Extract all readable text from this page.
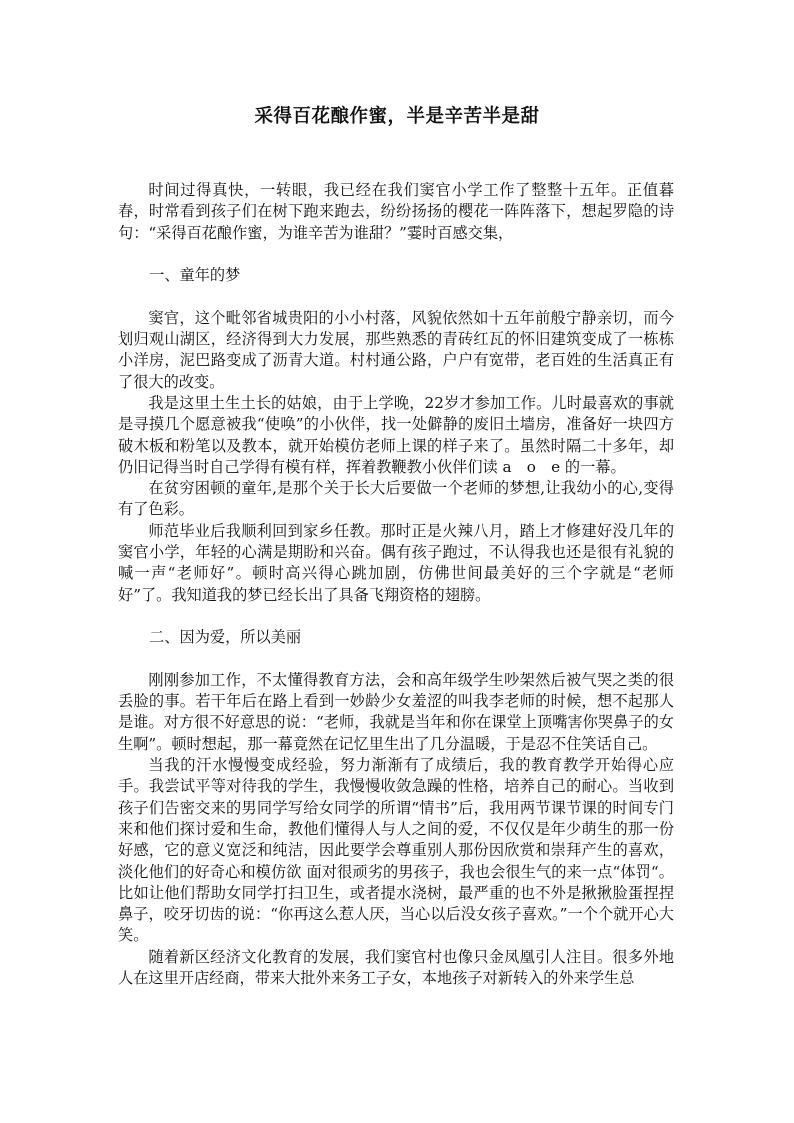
采得百花酿作蜜，半是辛苦半是甜

时间过得真快，一转眼，我已经在我们窦官小学工作了整整十五年。正值暮春，时常看到孩子们在树下跑来跑去，纷纷扬扬的樱花一阵阵落下，想起罗隐的诗句：“采得百花酿作蜜，为谁辛苦为谁甜？”霎时百感交集，

一、童年的梦

窦官，这个毗邻省城贵阳的小小村落，风貌依然如十五年前般宁静亲切，而今划归观山湖区，经济得到大力发展，那些熟悉的青砖红瓦的怀旧建筑变成了一栋栋小洋房，泥巴路变成了沥青大道。村村通公路，户户有宽带，老百姓的生活真正有了很大的改变。

我是这里土生土长的姑娘，由于上学晚，22岁才参加工作。儿时最喜欢的事就是寻摸几个愿意被我“使唤”的小伙伴，找一处僻静的废旧土墙房，准备好一块四方破木板和粉笔以及教本，就开始模仿老师上课的样子来了。虽然时隔二十多年，却仍旧记得当时自己学得有模有样，挥着教鞭教小伙伴们读 a　o　e 的一幕。

在贫穷困顿的童年,是那个关于长大后要做一个老师的梦想,让我幼小的心,变得有了色彩。

师范毕业后我顺利回到家乡任教。那时正是火辣八月，踏上才修建好没几年的窦官小学，年轻的心满是期盼和兴奋。偶有孩子跑过，不认得我也还是很有礼貌的喊一声“老师好”。顿时高兴得心跳加剧，仿佛世间最美好的三个字就是“老师好”了。我知道我的梦已经长出了具备飞翔资格的翅膀。

二、因为爱，所以美丽

刚刚参加工作，不太懂得教育方法，会和高年级学生吵架然后被气哭之类的很丢脸的事。若干年后在路上看到一妙龄少女羞涩的叫我李老师的时候，想不起那人是谁。对方很不好意思的说：“老师，我就是当年和你在课堂上顶嘴害你哭鼻子的女生啊”。顿时想起，那一幕竟然在记忆里生出了几分温暖，于是忍不住笑话自己。

当我的汗水慢慢变成经验，努力渐渐有了成绩后，我的教育教学开始得心应手。我尝试平等对待我的学生，我慢慢收敛急躁的性格，培养自己的耐心。当收到孩子们告密交来的男同学写给女同学的所谓“情书”后，我用两节课节课的时间专门来和他们探讨爱和生命，教他们懂得人与人之间的爱，不仅仅是年少萌生的那一份好感，它的意义宽泛和纯洁，因此要学会尊重别人那份因欣赏和崇拜产生的喜欢，淡化他们的好奇心和模仿欲 面对很顽劣的男孩子，我也会很生气的来一点“体罚“。比如让他们帮助女同学打扫卫生，或者提水浇树，最严重的也不外是揪揪脸蛋捏捏鼻子，咬牙切齿的说：“你再这么惹人厌，当心以后没女孩子喜欢。”一个个就开心大笑。

随着新区经济文化教育的发展，我们窦官村也像只金凤凰引人注目。很多外地人在这里开店经商，带来大批外来务工子女，本地孩子对新转入的外来学生总
